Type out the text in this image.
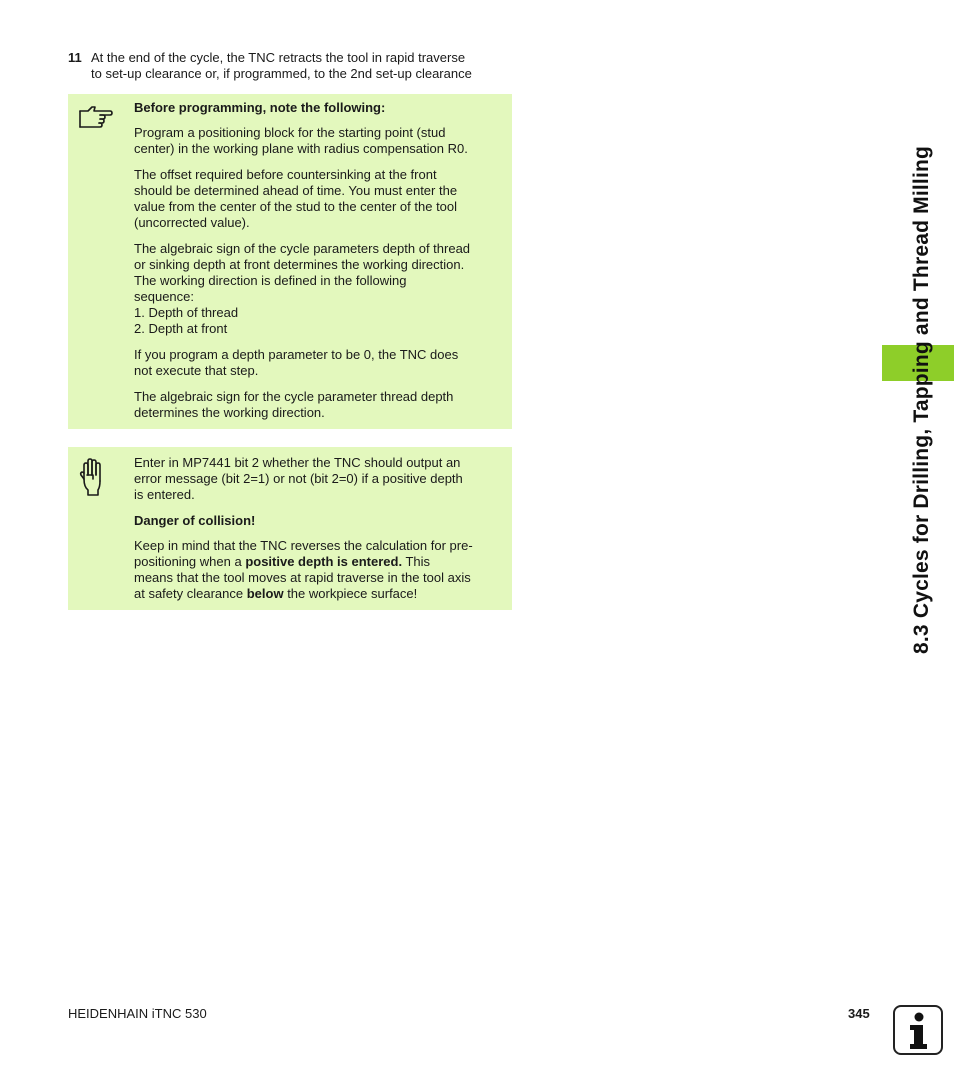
11 At the end of the cycle, the TNC retracts the tool in rapid traverse
to set-up clearance or, if programmed, to the 2nd set-up clearance

Before programming, note the following:

Program a positioning block for the starting point (stud
center) in the working plane with radius compensation R0.

The offset required before countersinking at the front
should be determined ahead of time. You must enter the
value from the center of the stud to the center of the tool
(uncorrected value).

The algebraic sign of the cycle parameters depth of thread
or sinking depth at front determines the working direction.
The working direction is defined in the following
sequence:
1. Depth of thread
2. Depth at front

If you program a depth parameter to be 0, the TNC does
not execute that step.

The algebraic sign for the cycle parameter thread depth
determines the working direction.

Enter in MP7441 bit 2 whether the TNC should output an
error message (bit 2=1) or not (bit 2=0) if a positive depth
is entered.

Danger of collision!

Keep in mind that the TNC reverses the calculation for pre-
positioning when a positive depth is entered. This
means that the tool moves at rapid traverse in the tool axis
at safety clearance below the workpiece surface!	8.3 Cycles for Drilling, Tapping and Thread Milling
HEIDENHAIN iTNC 530	345
